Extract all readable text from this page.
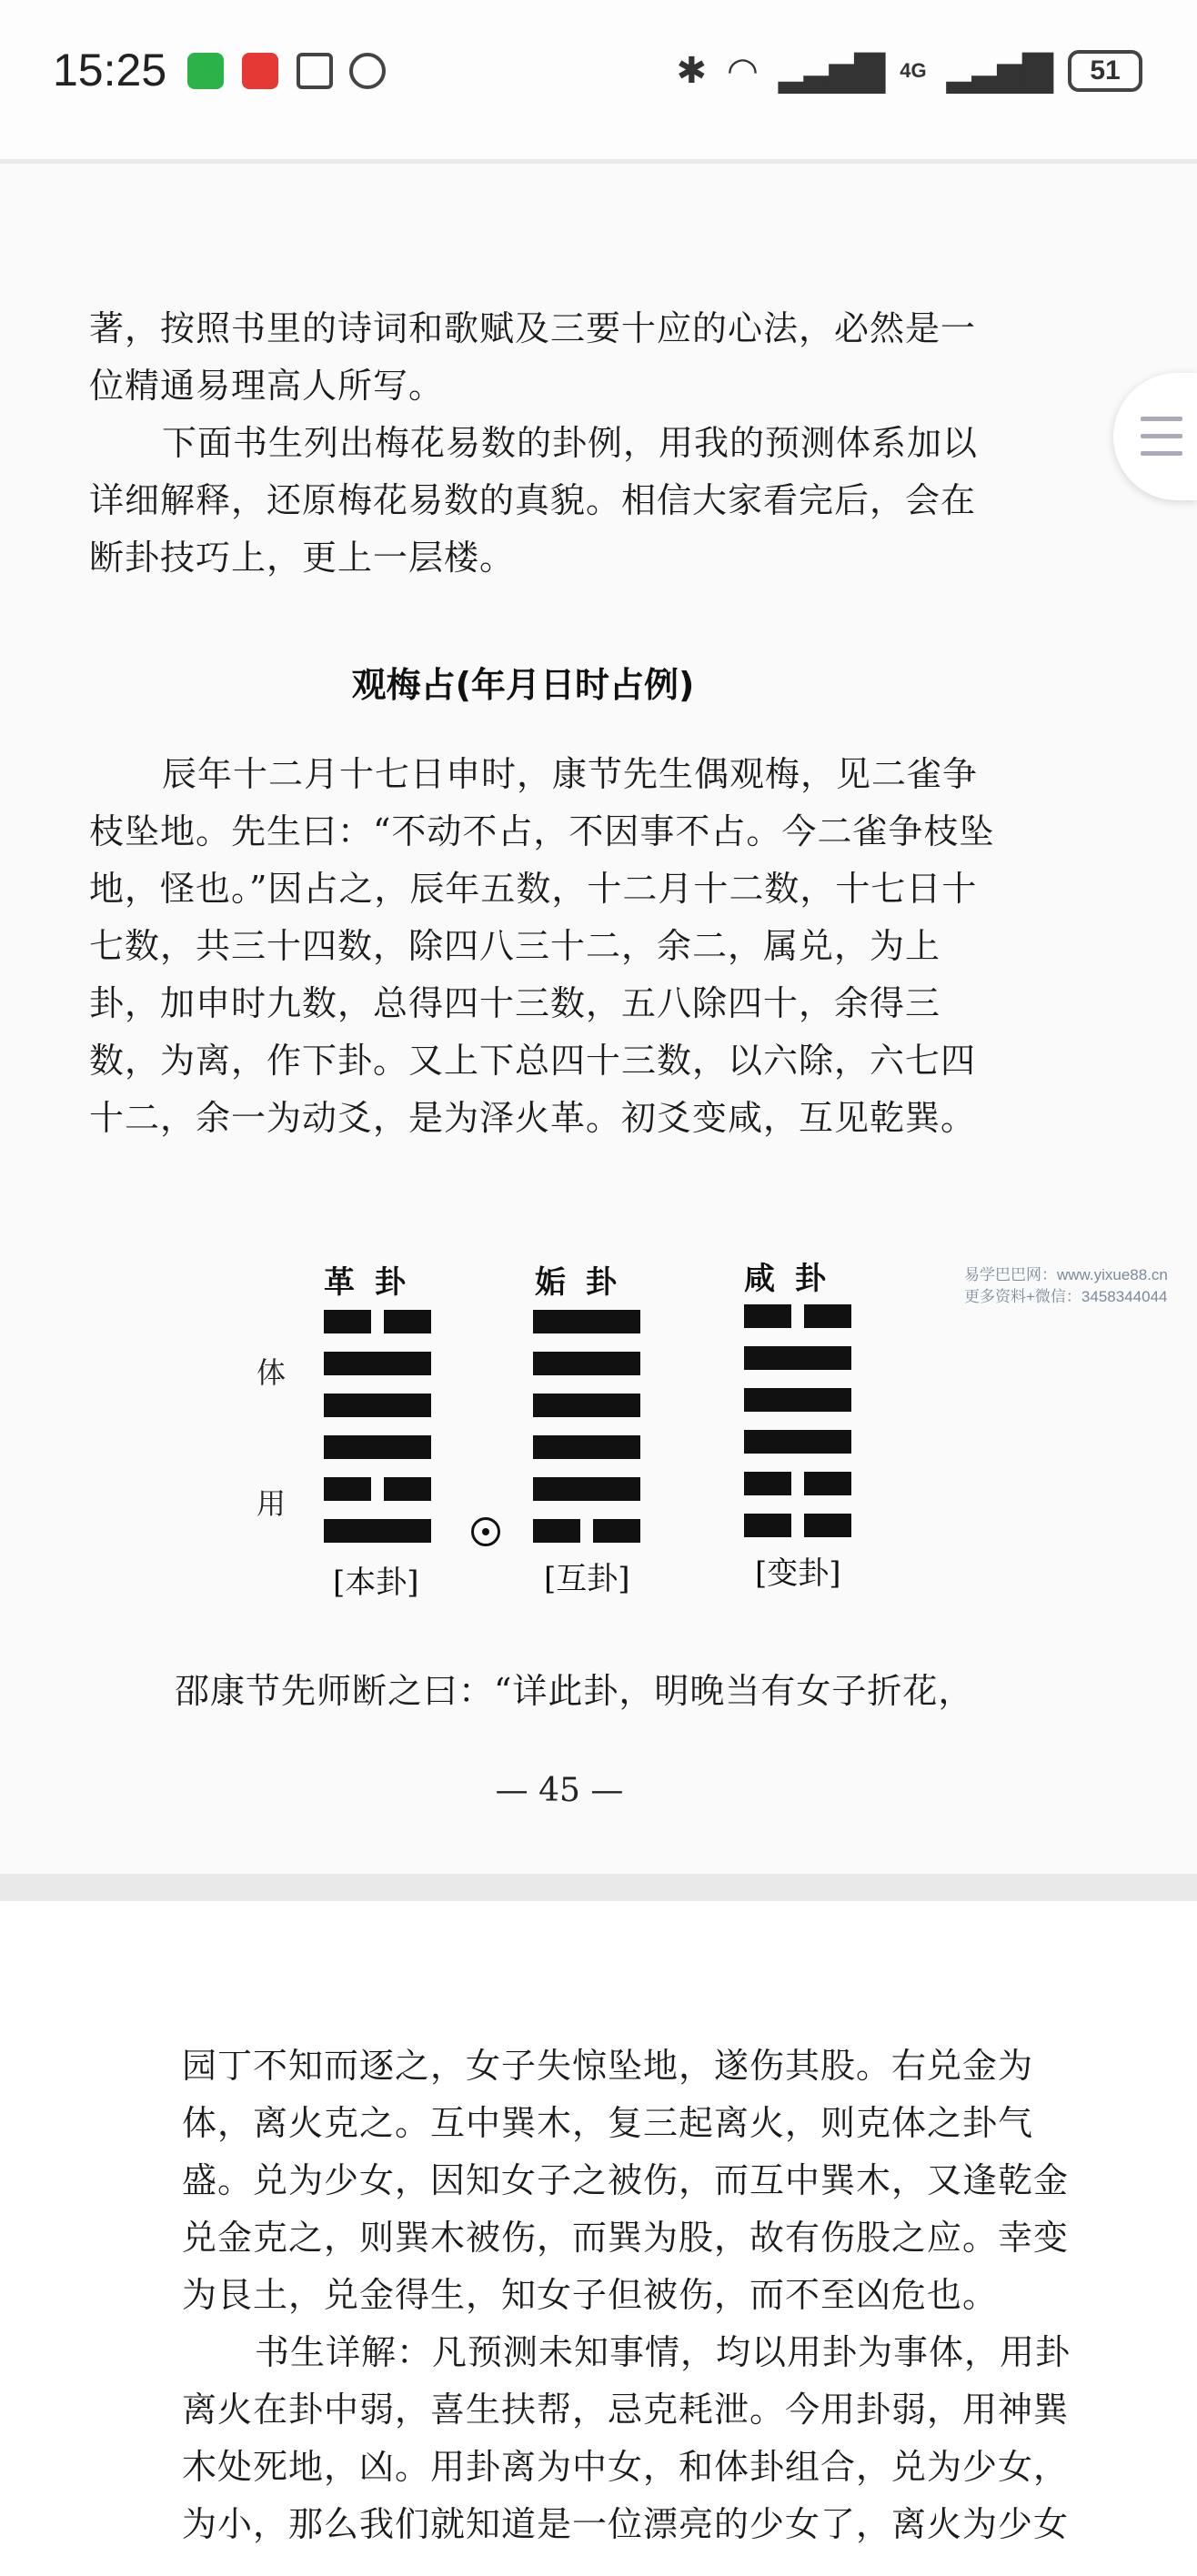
15:25	✱ ◠ ▂▃▅▇ 4G ▂▃▅▇	51
著，按照书里的诗词和歌赋及三要十应的心法，必然是一位精通易理高人所写。
下面书生列出梅花易数的卦例，用我的预测体系加以详细解释，还原梅花易数的真貌。相信大家看完后，会在断卦技巧上，更上一层楼。
观梅占(年月日时占例)
辰年十二月十七日申时，康节先生偶观梅，见二雀争枝坠地。先生曰：“不动不占，不因事不占。今二雀争枝坠地，怪也。”因占之，辰年五数，十二月十二数，十七日十七数，共三十四数，除四八三十二，余二，属兑，为上卦，加申时九数，总得四十三数，五八除四十，余得三数，为离，作下卦。又上下总四十三数，以六除，六七四十二，余一为动爻，是为泽火革。初爻变咸，互见乾巽。
革卦	姤卦	咸卦
体
用
[本卦]	[互卦]	[变卦]
邵康节先师断之曰：“详此卦，明晚当有女子折花，
— 45 —
易学巴巴网：www.yixue88.cn
更多资料+微信：3458344044
园丁不知而逐之，女子失惊坠地，遂伤其股。右兑金为体，离火克之。互中巽木，复三起离火，则克体之卦气盛。兑为少女，因知女子之被伤，而互中巽木，又逢乾金兑金克之，则巽木被伤，而巽为股，故有伤股之应。幸变为艮土，兑金得生，知女子但被伤，而不至凶危也。
书生详解：凡预测未知事情，均以用卦为事体，用卦离火在卦中弱，喜生扶帮，忌克耗泄。今用卦弱，用神巽木处死地，凶。用卦离为中女，和体卦组合，兑为少女，为小，那么我们就知道是一位漂亮的少女了，离火为少女
